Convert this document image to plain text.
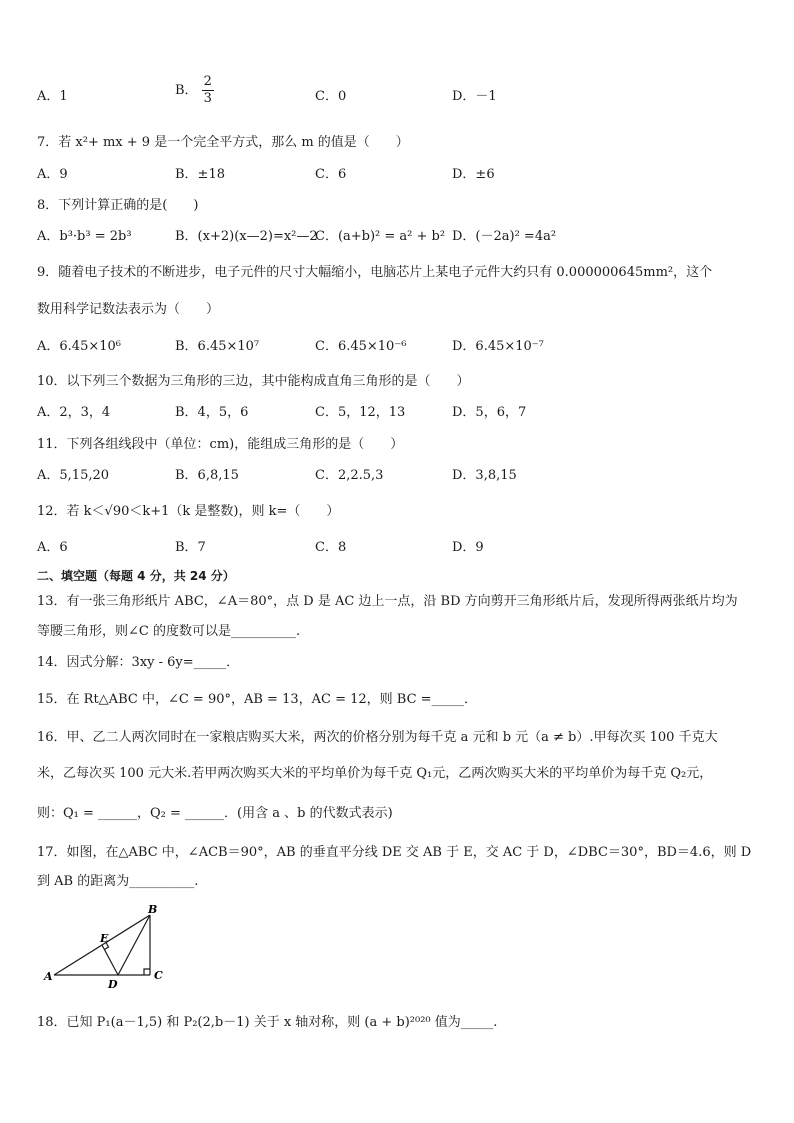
A．1	B． $\frac{2}{3}$	C．0	D．－1
7．若 x²+ mx + 9 是一个完全平方式，那么 m 的值是（　　）
A．9	B．±18	C．6	D．±6
8．下列计算正确的是(　　)
A．b³·b³ = 2b³	B．(x+2)(x—2)=x²—2
C．(a+b)² = a² + b² D．(－2a)² =4a²
9．随着电子技术的不断进步，电子元件的尺寸大幅缩小，电脑芯片上某电子元件大约只有 0.000000645mm²，这个
数用科学记数法表示为（　　）
A．6.45×10⁶	B．6.45×10⁷	C．6.45×10⁻⁶	D．6.45×10⁻⁷
10．以下列三个数据为三角形的三边，其中能构成直角三角形的是（　　）
A．2，3，4	B．4，5，6	C．5，12，13	D．5，6，7
11．下列各组线段中（单位：cm)，能组成三角形的是（　　）
A．5,15,20	B．6,8,15	C．2,2.5,3	D．3,8,15
12．若 k＜√90＜k+1（k 是整数)，则 k=（　　）
A．6	B．7	C．8	D．9
二、填空题（每题 4 分，共 24 分）
13．有一张三角形纸片 ABC，∠A＝80°，点 D 是 AC 边上一点，沿 BD 方向剪开三角形纸片后，发现所得两张纸片均为
等腰三角形，则∠C 的度数可以是__________.
14．因式分解：3xy - 6y=_____．
15．在 Rt△ABC 中，∠C = 90°，AB = 13，AC = 12，则 BC =_____．
16．甲、乙二人两次同时在一家粮店购买大米，两次的价格分别为每千克 a 元和 b 元（a ≠ b）.甲每次买 100 千克大
米，乙每次买 100 元大米.若甲两次购买大米的平均单价为每千克 Q₁元，乙两次购买大米的平均单价为每千克 Q₂元，
则：Q₁ = ______，Q₂ = ______．(用含 a 、b 的代数式表示)
17．如图，在△ABC 中，∠ACB＝90°，AB 的垂直平分线 DE 交 AB 于 E，交 AC 于 D，∠DBC＝30°，BD＝4.6，则 D
到 AB 的距离为__________.
A
B
C
D
E
18．已知 P₁(a－1,5) 和 P₂(2,b－1) 关于 x 轴对称，则 (a + b)²⁰²⁰ 值为_____.
